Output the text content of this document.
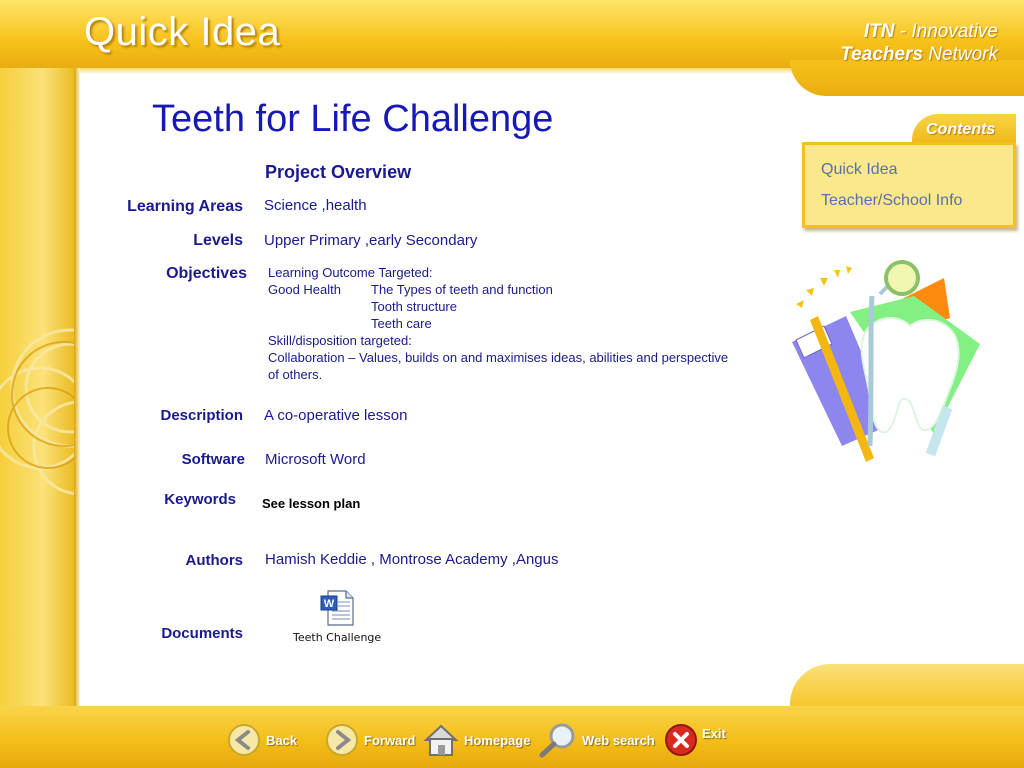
Quick Idea	ITN - Innovative
Teachers Network
Contents
Quick Idea
Teacher/School Info
Teeth for Life Challenge
Project Overview
Learning Areas Science ,health
Levels Upper Primary ,early Secondary
Objectives Learning Outcome Targeted:
Good Health The Types of teeth and function
Tooth structure
Teeth care
Skill/disposition targeted:
Collaboration – Values, builds on and maximises ideas, abilities and perspective
of others.
Description A co-operative lesson
Software Microsoft Word
Keywords See lesson plan
Authors Hamish Keddie , Montrose Academy ,Angus
Documents
W
Teeth Challenge
Back	Forward	Homepage	Web search	Exit
